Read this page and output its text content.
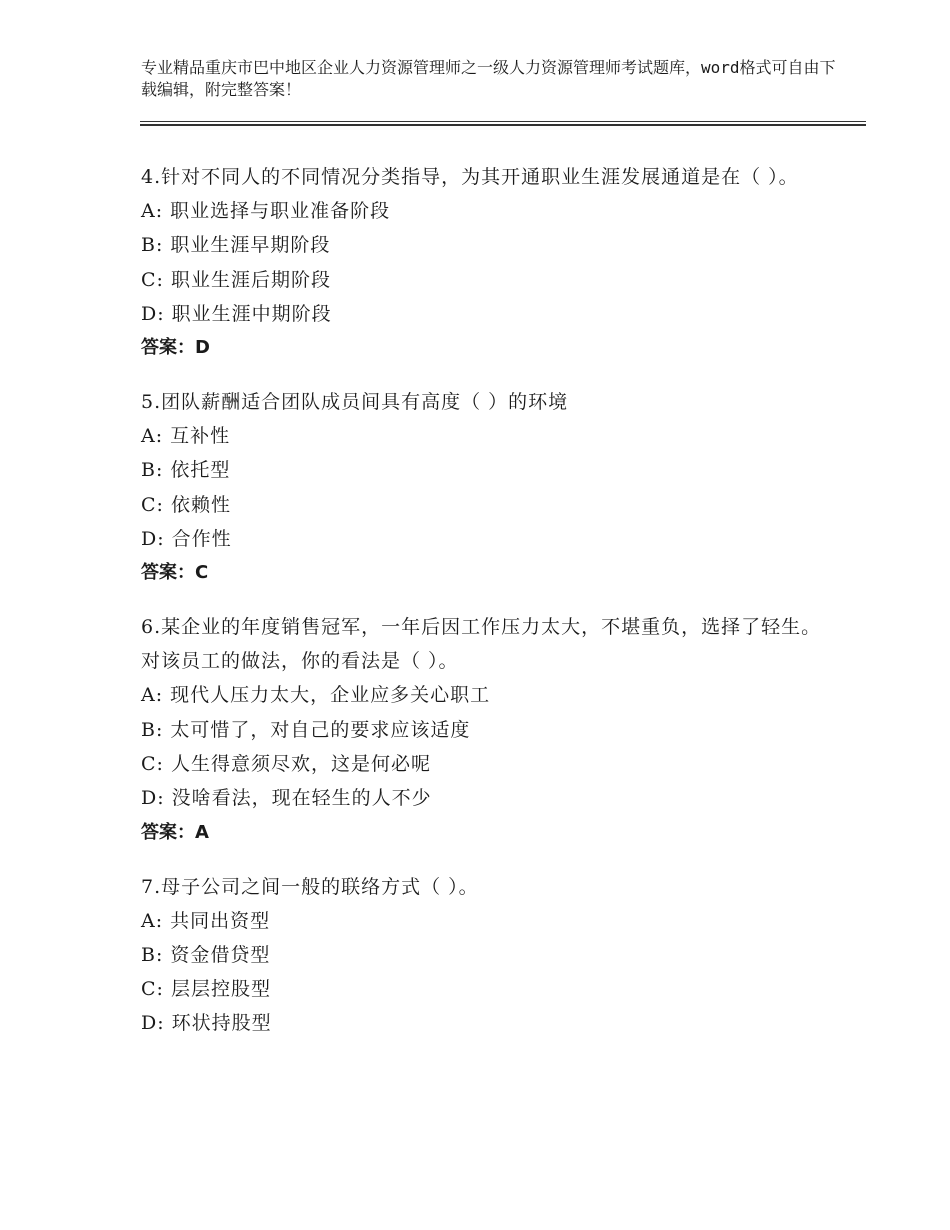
专业精品重庆市巴中地区企业人力资源管理师之一级人力资源管理师考试题库，word格式可自由下载编辑，附完整答案！

4.针对不同人的不同情况分类指导，为其开通职业生涯发展通道是在（ ）。

A: 职业选择与职业准备阶段

B: 职业生涯早期阶段

C: 职业生涯后期阶段

D: 职业生涯中期阶段

答案：D

5.团队薪酬适合团队成员间具有高度（ ）的环境

A: 互补性

B: 依托型

C: 依赖性

D: 合作性

答案：C

6.某企业的年度销售冠军，一年后因工作压力太大，不堪重负，选择了轻生。对该员工的做法，你的看法是（ ）。

A: 现代人压力太大，企业应多关心职工

B: 太可惜了，对自己的要求应该适度

C: 人生得意须尽欢，这是何必呢

D: 没啥看法，现在轻生的人不少

答案：A

7.母子公司之间一般的联络方式（ ）。

A: 共同出资型

B: 资金借贷型

C: 层层控股型

D: 环状持股型
